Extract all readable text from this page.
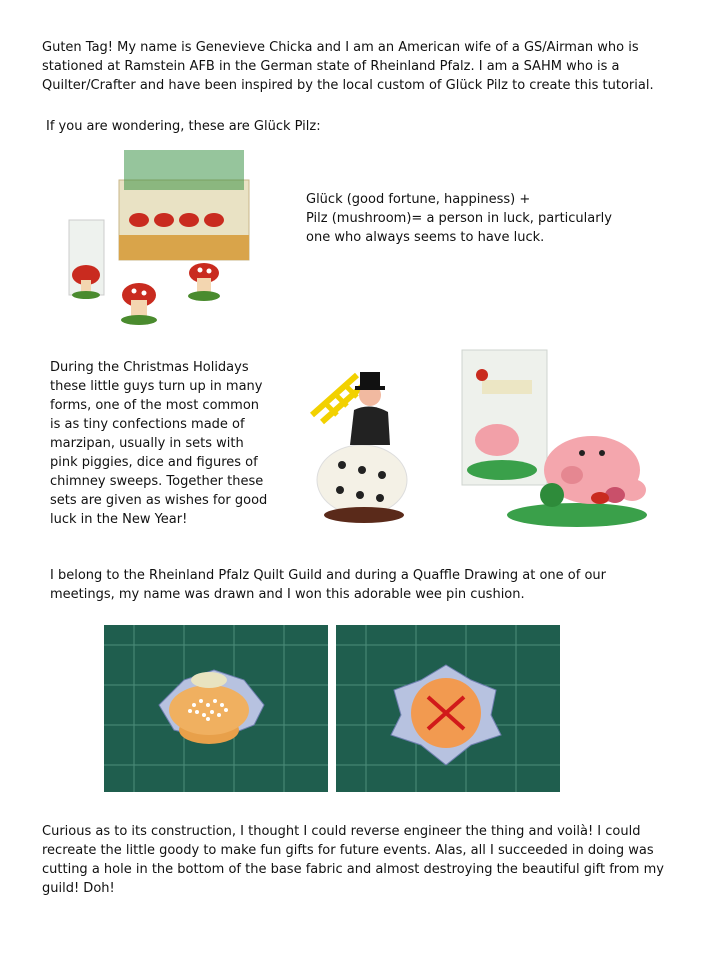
Guten Tag! My name is Genevieve Chicka and I am an American wife of a GS/Airman who is stationed at Ramstein AFB in the German state of Rheinland Pfalz. I am a SAHM who is a Quilter/Crafter and have been inspired by the local custom of Glück Pilz to create this tutorial.

If you are wondering, these are Glück Pilz:

Glück (good fortune, happiness) +
Pilz (mushroom)= a person in luck, particularly one who always seems to have luck.

During the Christmas Holidays these little guys turn up in many forms, one of the most common is as tiny confections made of marzipan, usually in sets with pink piggies, dice and figures of chimney sweeps. Together these sets are given as wishes for good luck in the New Year!

I belong to the Rheinland Pfalz Quilt Guild and during a Quaffle Drawing at one of our meetings, my name was drawn and I won this adorable wee pin cushion.

Curious as to its construction, I thought I could reverse engineer the thing and voilà! I could recreate the little goody to make fun gifts for future events. Alas, all I succeeded in doing was cutting a hole in the bottom of the base fabric and almost destroying the beautiful gift from my guild! Doh!
